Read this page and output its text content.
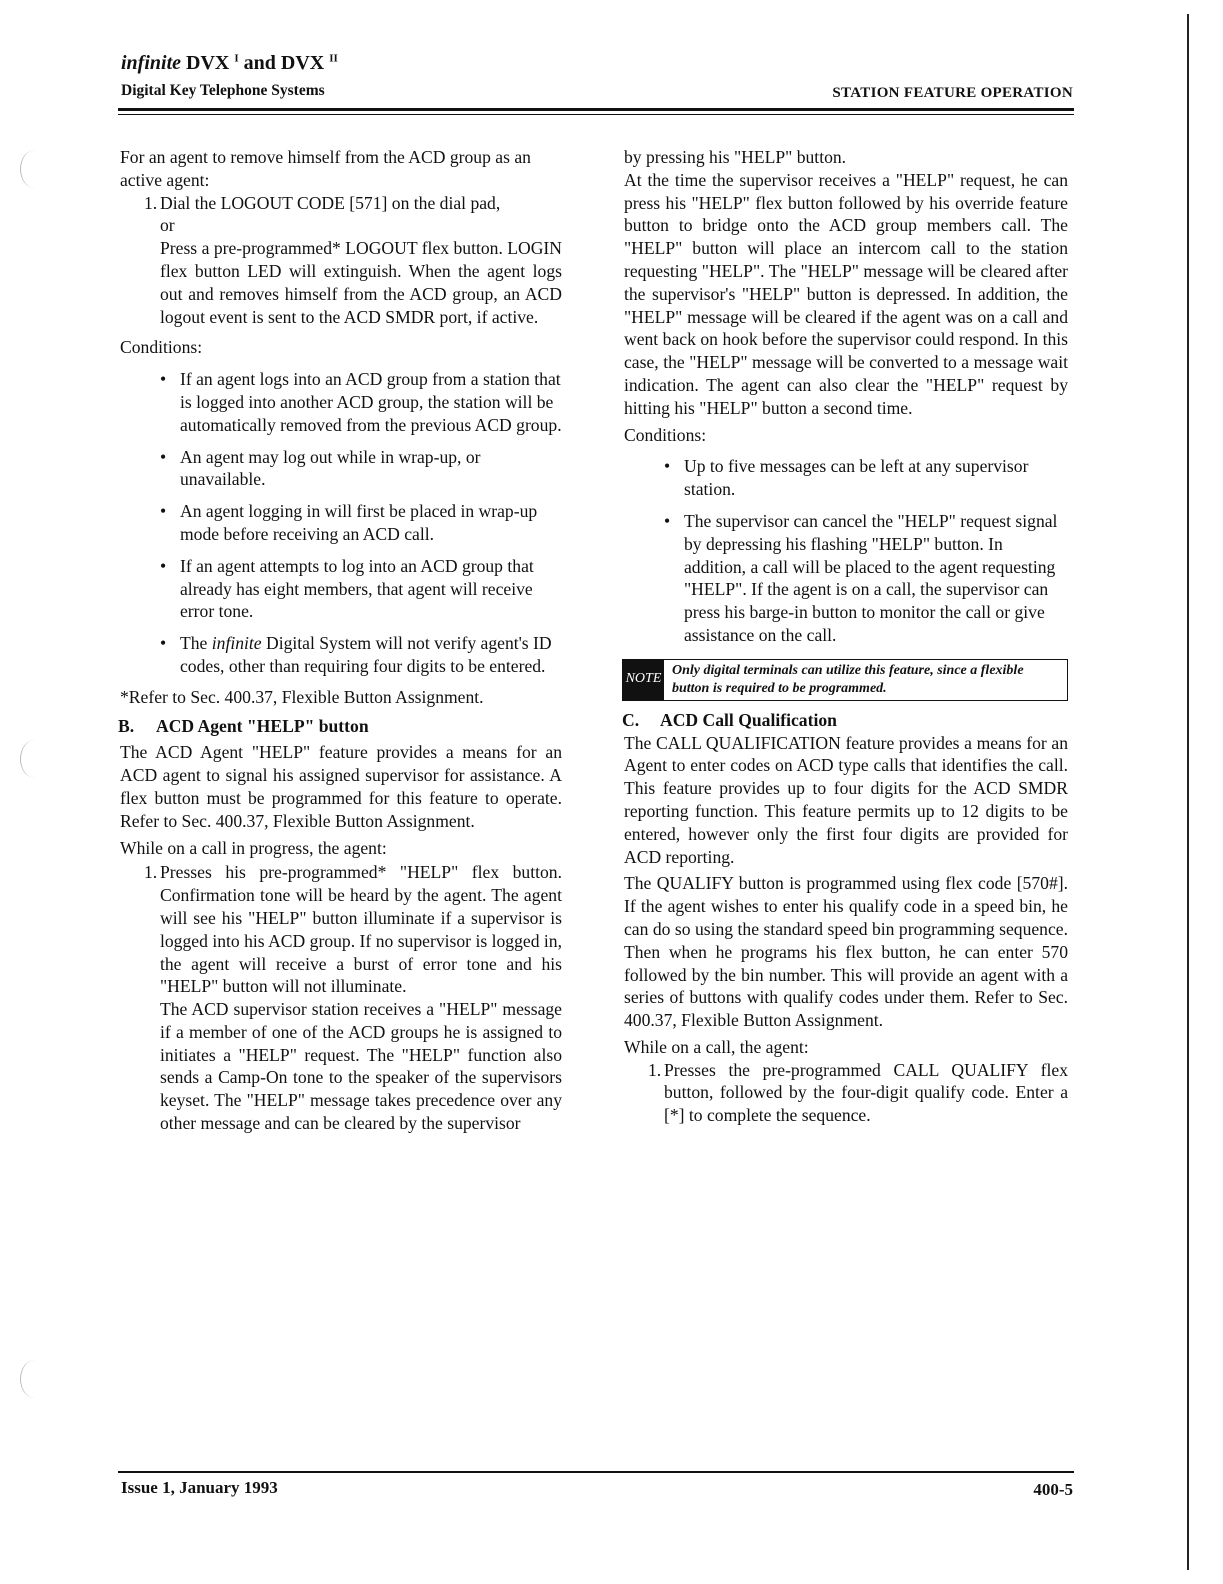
infinite DVX $^I$ and DVX $^{II}$
Digital Key Telephone Systems	STATION FEATURE OPERATION

For an agent to remove himself from the ACD group as an active agent:

1. Dial the LOGOUT CODE [571] on the dial pad,

or

Press a pre-programmed* LOGOUT flex button. LOGIN flex button LED will extinguish. When the agent logs out and removes himself from the ACD group, an ACD logout event is sent to the ACD SMDR port, if active.

Conditions:

• If an agent logs into an ACD group from a station that is logged into another ACD group, the station will be automatically removed from the previous ACD group.
• An agent may log out while in wrap-up, or unavailable.
• An agent logging in will first be placed in wrap-up mode before receiving an ACD call.
• If an agent attempts to log into an ACD group that already has eight members, that agent will receive error tone.
• The infinite Digital System will not verify agent's ID codes, other than requiring four digits to be entered.

*Refer to Sec. 400.37, Flexible Button Assignment.

B.	ACD Agent "HELP" button

The ACD Agent "HELP" feature provides a means for an ACD agent to signal his assigned supervisor for assistance. A flex button must be programmed for this feature to operate. Refer to Sec. 400.37, Flexible Button Assignment.

While on a call in progress, the agent:

1. Presses his pre-programmed* "HELP" flex button. Confirmation tone will be heard by the agent. The agent will see his "HELP" button illuminate if a supervisor is logged into his ACD group. If no supervisor is logged in, the agent will receive a burst of error tone and his "HELP" button will not illuminate.

The ACD supervisor station receives a "HELP" message if a member of one of the ACD groups he is assigned to initiates a "HELP" request. The "HELP" function also sends a Camp-On tone to the speaker of the supervisors keyset. The "HELP" message takes precedence over any other message and can be cleared by the supervisor

by pressing his "HELP" button.

At the time the supervisor receives a "HELP" request, he can press his "HELP" flex button followed by his override feature button to bridge onto the ACD group members call. The "HELP" button will place an intercom call to the station requesting "HELP". The "HELP" message will be cleared after the supervisor's "HELP" button is depressed. In addition, the "HELP" message will be cleared if the agent was on a call and went back on hook before the supervisor could respond. In this case, the "HELP" message will be converted to a message wait indication. The agent can also clear the "HELP" request by hitting his "HELP" button a second time.

Conditions:

• Up to five messages can be left at any supervisor station.
• The supervisor can cancel the "HELP" request signal by depressing his flashing "HELP" button. In addition, a call will be placed to the agent requesting "HELP". If the agent is on a call, the supervisor can press his barge-in button to monitor the call or give assistance on the call.
NOTE
Only digital terminals can utilize this feature, since a flexible button is required to be programmed.
C.	ACD Call Qualification

The CALL QUALIFICATION feature provides a means for an Agent to enter codes on ACD type calls that identifies the call. This feature provides up to four digits for the ACD SMDR reporting function. This feature permits up to 12 digits to be entered, however only the first four digits are provided for ACD reporting.

The QUALIFY button is programmed using flex code [570#]. If the agent wishes to enter his qualify code in a speed bin, he can do so using the standard speed bin programming sequence. Then when he programs his flex button, he can enter 570 followed by the bin number. This will provide an agent with a series of buttons with qualify codes under them. Refer to Sec. 400.37, Flexible Button Assignment.

While on a call, the agent:

1. Presses the pre-programmed CALL QUALIFY flex button, followed by the four-digit qualify code. Enter a [*] to complete the sequence.

Issue 1, January 1993	400-5
